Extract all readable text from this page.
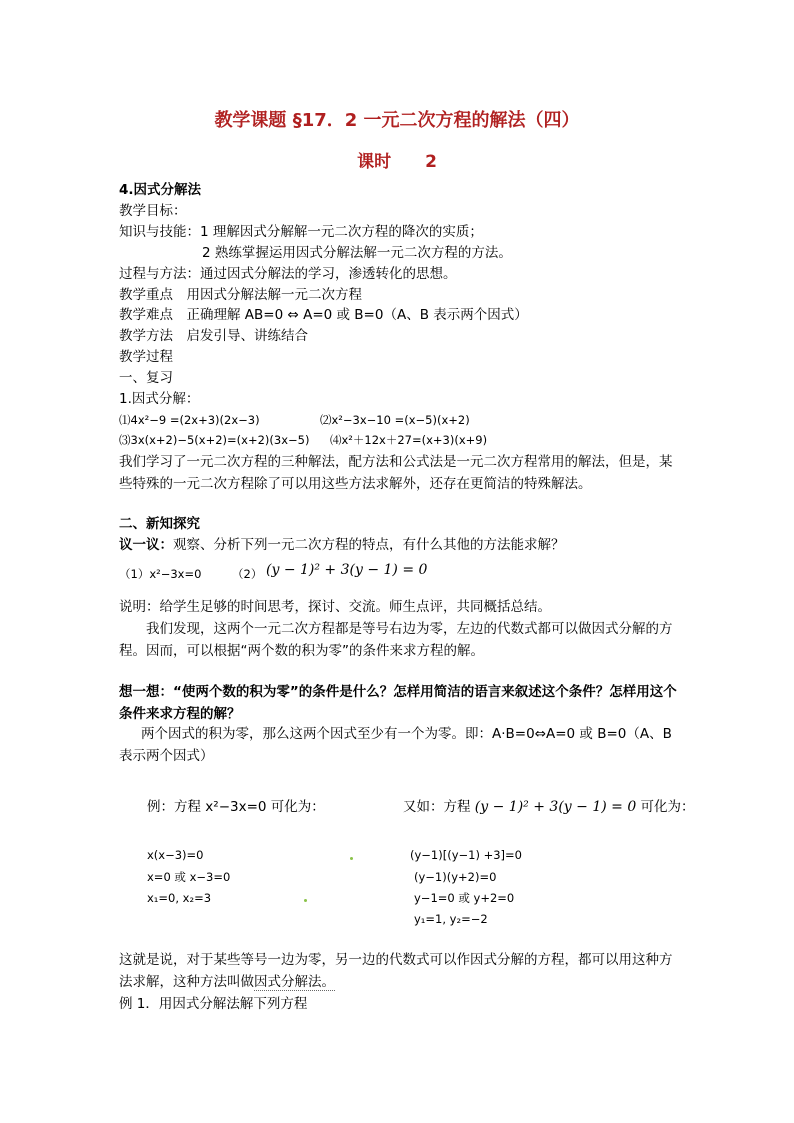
教学课题 §17．2 一元二次方程的解法（四）
课时　　2
4.因式分解法
教学目标：
知识与技能：1 理解因式分解解一元二次方程的降次的实质；
2 熟练掌握运用因式分解法解一元二次方程的方法。
过程与方法：通过因式分解法的学习，渗透转化的思想。
教学重点　用因式分解法解一元二次方程
教学难点　正确理解 AB=0 ⇔ A=0 或 B=0（A、B 表示两个因式）
教学方法　启发引导、讲练结合
教学过程
一、复习
1.因式分解：
⑴4x²−9 =(2x+3)(2x−3)	⑵x²−3x−10 =(x−5)(x+2)
⑶3x(x+2)−5(x+2)=(x+2)(3x−5) ⑷x²＋12x＋27=(x+3)(x+9)
我们学习了一元二次方程的三种解法，配方法和公式法是一元二次方程常用的解法，但是，某些特殊的一元二次方程除了可以用这些方法求解外，还存在更简洁的特殊解法。
二、新知探究
议一议：观察、分析下列一元二次方程的特点，有什么其他的方法能求解？
（1）x²−3x=0	（2） (y − 1)² + 3(y − 1) = 0
说明：给学生足够的时间思考，探讨、交流。师生点评，共同概括总结。
我们发现，这两个一元二次方程都是等号右边为零，左边的代数式都可以做因式分解的方程。因而，可以根据“两个数的积为零”的条件来求方程的解。
想一想：“使两个数的积为零”的条件是什么？怎样用简洁的语言来叙述这个条件？怎样用这个条件来求方程的解？
两个因式的积为零，那么这两个因式至少有一个为零。即：A·B=0⇔A=0 或 B=0（A、B 表示两个因式）
例：方程 x²−3x=0 可化为：	又如：方程 (y − 1)² + 3(y − 1) = 0 可化为：
x(x−3)=0
x=0 或 x−3=0
x₁=0, x₂=3
(y−1)[(y−1) +3]=0
(y−1)(y+2)=0
y−1=0 或 y+2=0
y₁=1, y₂=−2
这就是说，对于某些等号一边为零，另一边的代数式可以作因式分解的方程，都可以用这种方法求解，这种方法叫做因式分解法。
例 1．用因式分解法解下列方程
